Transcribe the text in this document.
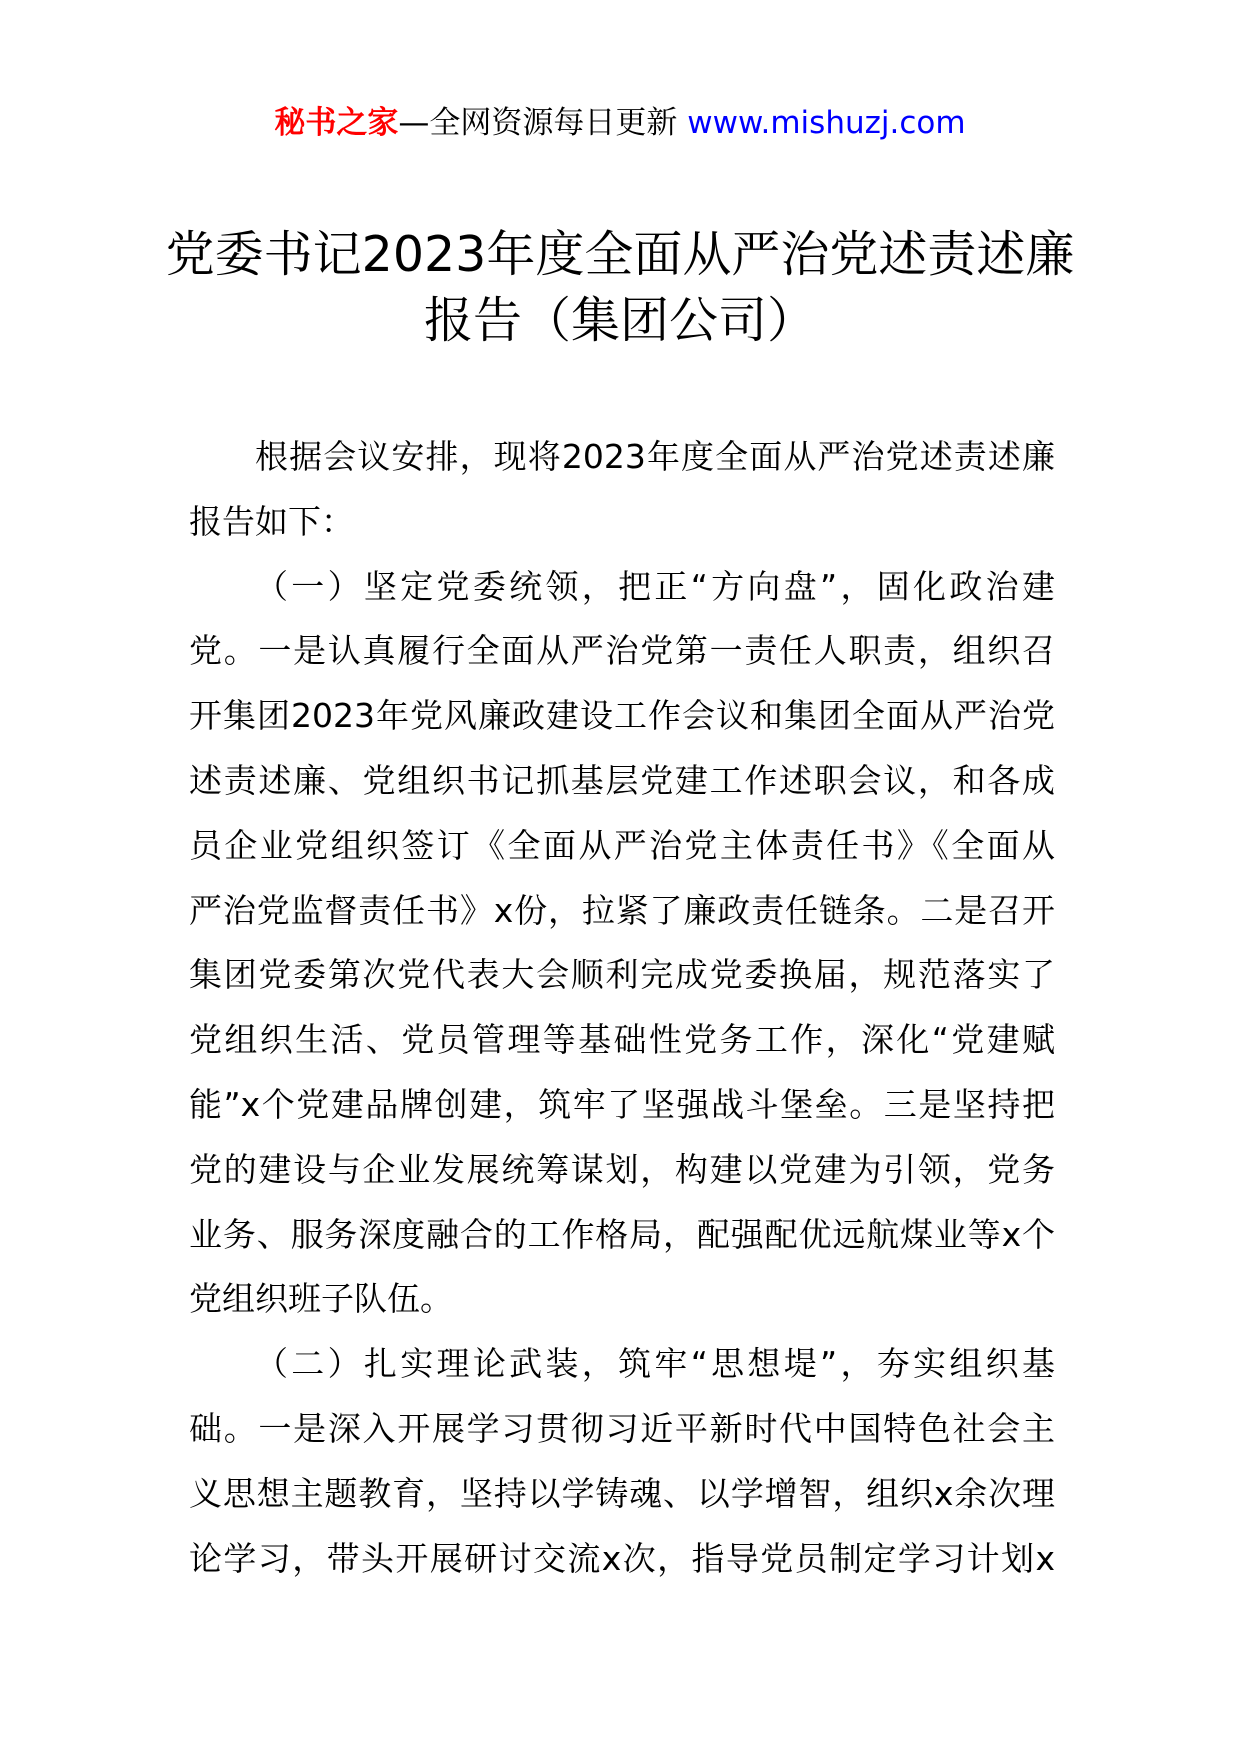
秘书之家—全网资源每日更新 www.mishuzj.com
党委书记2023年度全面从严治党述责述廉
报告（集团公司）
根据会议安排，现将2023年度全面从严治党述责述廉
报告如下：
（一）坚定党委统领，把正“方向盘”，固化政治建
党。一是认真履行全面从严治党第一责任人职责，组织召
开集团2023年党风廉政建设工作会议和集团全面从严治党
述责述廉、党组织书记抓基层党建工作述职会议，和各成
员企业党组织签订《全面从严治党主体责任书》《全面从
严治党监督责任书》x份，拉紧了廉政责任链条。二是召开
集团党委第次党代表大会顺利完成党委换届，规范落实了
党组织生活、党员管理等基础性党务工作，深化“党建赋
能”x个党建品牌创建，筑牢了坚强战斗堡垒。三是坚持把
党的建设与企业发展统筹谋划，构建以党建为引领，党务
业务、服务深度融合的工作格局，配强配优远航煤业等x个
党组织班子队伍。
（二）扎实理论武装，筑牢“思想堤”，夯实组织基
础。一是深入开展学习贯彻习近平新时代中国特色社会主
义思想主题教育，坚持以学铸魂、以学增智，组织x余次理
论学习，带头开展研讨交流x次，指导党员制定学习计划x
